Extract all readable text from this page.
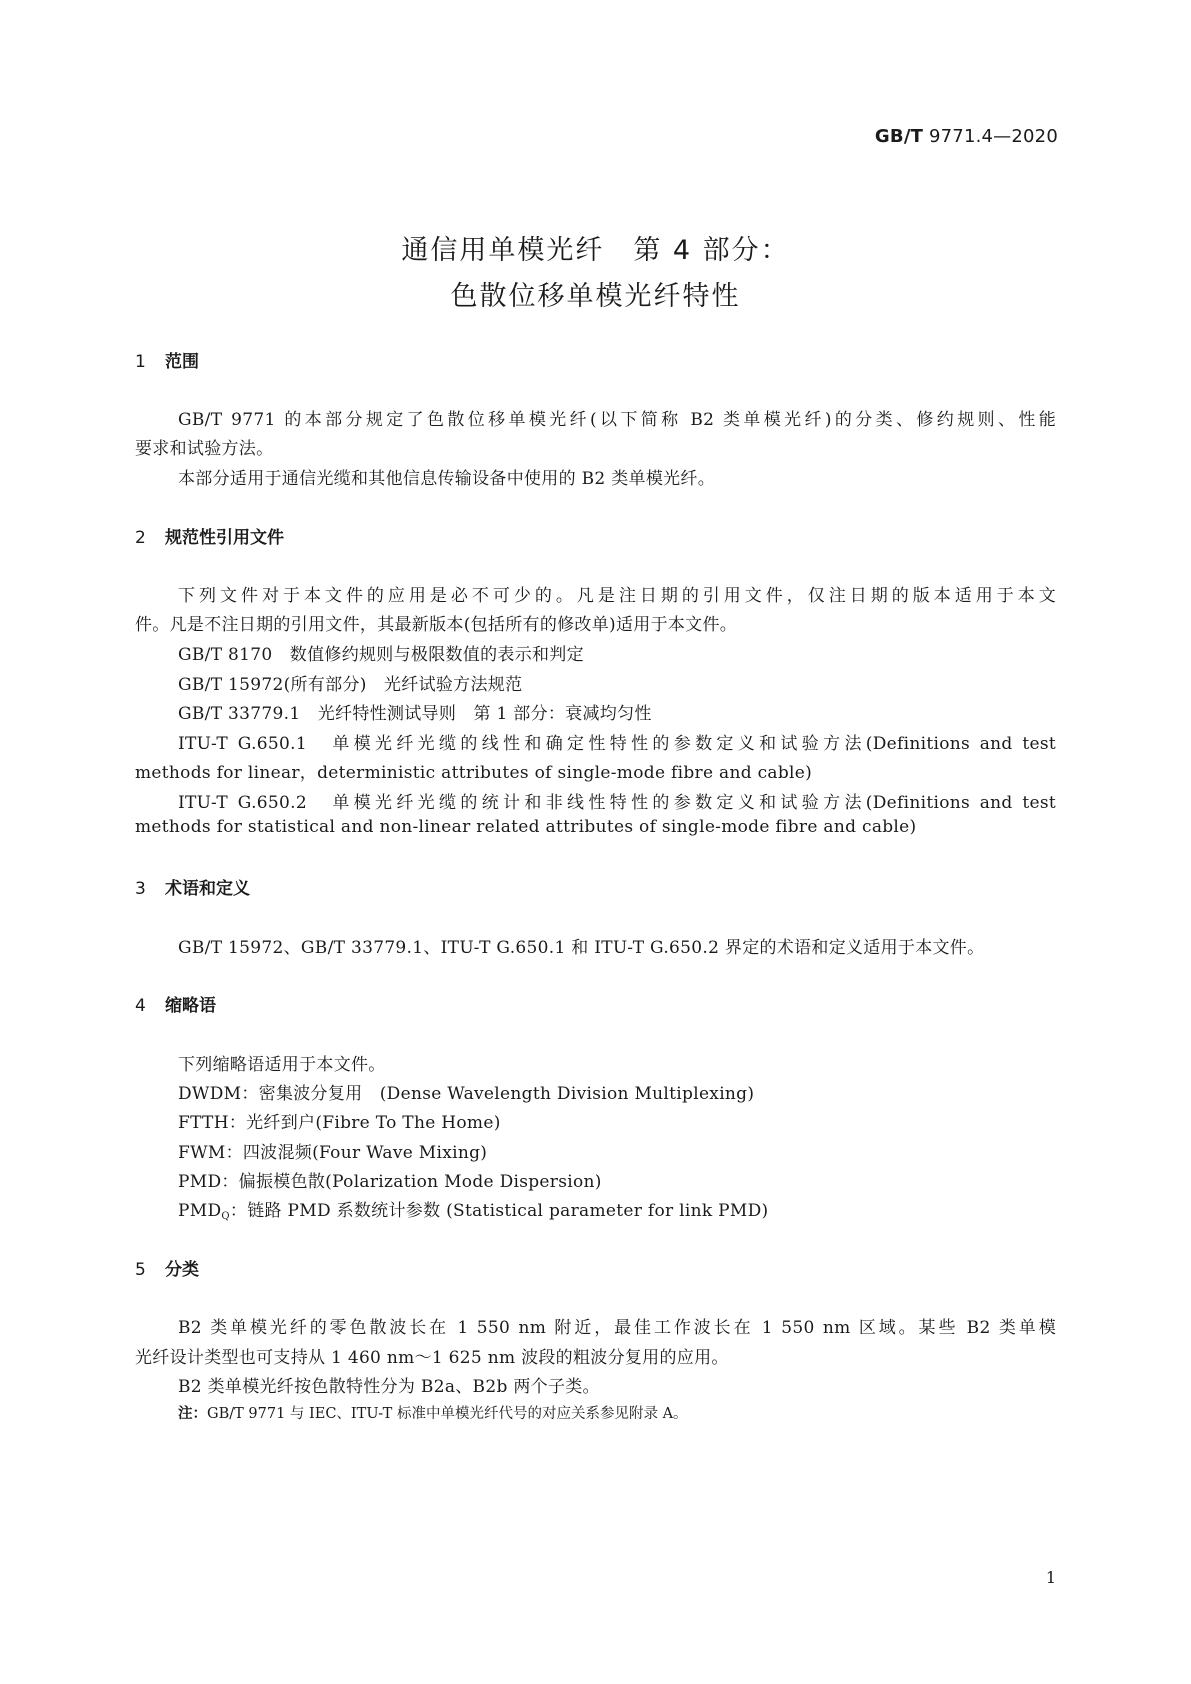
GB/T 9771.4—2020
通信用单模光纤　第 4 部分：
色散位移单模光纤特性
1 范围
GB/T 9771 的本部分规定了色散位移单模光纤(以下简称 B2 类单模光纤)的分类、修约规则、性能
要求和试验方法。
本部分适用于通信光缆和其他信息传输设备中使用的 B2 类单模光纤。
2 规范性引用文件
下列文件对于本文件的应用是必不可少的。凡是注日期的引用文件，仅注日期的版本适用于本文
件。凡是不注日期的引用文件，其最新版本(包括所有的修改单)适用于本文件。
GB/T 8170　数值修约规则与极限数值的表示和判定
GB/T 15972(所有部分)　光纤试验方法规范
GB/T 33779.1　光纤特性测试导则　第 1 部分：衰减均匀性
ITU-T G.650.1　单模光纤光缆的线性和确定性特性的参数定义和试验方法(Definitions and test
methods for linear，deterministic attributes of single-mode fibre and cable)
ITU-T G.650.2　单模光纤光缆的统计和非线性特性的参数定义和试验方法(Definitions and test
methods for statistical and non-linear related attributes of single-mode fibre and cable)
3 术语和定义
GB/T 15972、GB/T 33779.1、ITU-T G.650.1 和 ITU-T G.650.2 界定的术语和定义适用于本文件。
4 缩略语
下列缩略语适用于本文件。
DWDM：密集波分复用　(Dense Wavelength Division Multiplexing)
FTTH：光纤到户(Fibre To The Home)
FWM：四波混频(Four Wave Mixing)
PMD：偏振模色散(Polarization Mode Dispersion)
$PMD_Q$：链路 PMD 系数统计参数 (Statistical parameter for link PMD)
5 分类
B2 类单模光纤的零色散波长在 1 550 nm 附近，最佳工作波长在 1 550 nm 区域。某些 B2 类单模
光纤设计类型也可支持从 1 460 nm～1 625 nm 波段的粗波分复用的应用。
B2 类单模光纤按色散特性分为 B2a、B2b 两个子类。
注：GB/T 9771 与 IEC、ITU-T 标准中单模光纤代号的对应关系参见附录 A。
1
